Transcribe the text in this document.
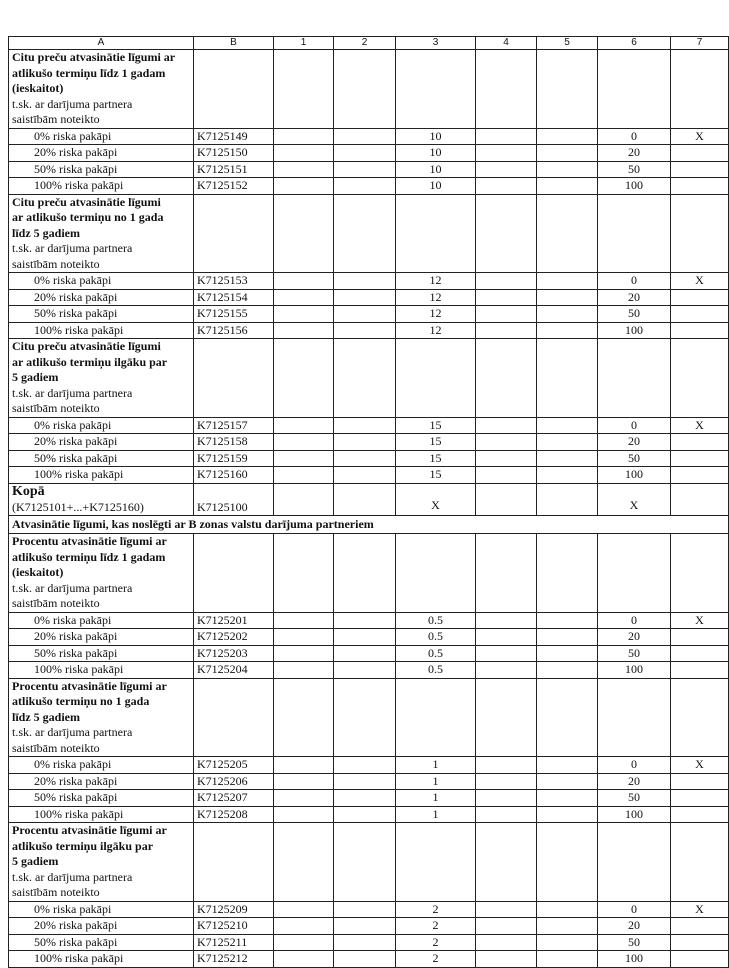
A	B	1	2	3	4	5	6	7

Citu preču atvasinātie līgumi ar
atlikušo termiņu līdz 1 gadam
(ieskaitot)
t.sk. ar darījuma partnera
saistībām noteikto								

0% riska pakāpi	K7125149			10			0	X
20% riska pakāpi	K7125150			10			20	
50% riska pakāpi	K7125151			10			50	
100% riska pakāpi	K7125152			10			100	

Citu preču atvasinātie līgumi
ar atlikušo termiņu no 1 gada
līdz 5 gadiem
t.sk. ar darījuma partnera
saistībām noteikto								

0% riska pakāpi	K7125153			12			0	X
20% riska pakāpi	K7125154			12			20	
50% riska pakāpi	K7125155			12			50	
100% riska pakāpi	K7125156			12			100	

Citu preču atvasinātie līgumi
ar atlikušo termiņu ilgāku par
5 gadiem
t.sk. ar darījuma partnera
saistībām noteikto								

0% riska pakāpi	K7125157			15			0	X
20% riska pakāpi	K7125158			15			20	
50% riska pakāpi	K7125159			15			50	
100% riska pakāpi	K7125160			15			100	

Kopā
(K7125101+...+K7125160)	K7125100			X			X	
Atvasinātie līgumi, kas noslēgti ar B zonas valstu darījuma partneriem								

Procentu atvasinātie līgumi ar
atlikušo termiņu līdz 1 gadam
(ieskaitot)
t.sk. ar darījuma partnera
saistībām noteikto								

0% riska pakāpi	K7125201			0.5			0	X
20% riska pakāpi	K7125202			0.5			20	
50% riska pakāpi	K7125203			0.5			50	
100% riska pakāpi	K7125204			0.5			100	

Procentu atvasinātie līgumi ar
atlikušo termiņu no 1 gada
līdz 5 gadiem
t.sk. ar darījuma partnera
saistībām noteikto								

0% riska pakāpi	K7125205			1			0	X
20% riska pakāpi	K7125206			1			20	
50% riska pakāpi	K7125207			1			50	
100% riska pakāpi	K7125208			1			100	

Procentu atvasinātie līgumi ar
atlikušo termiņu ilgāku par
5 gadiem
t.sk. ar darījuma partnera
saistībām noteikto								

0% riska pakāpi	K7125209			2			0	X
20% riska pakāpi	K7125210			2			20	
50% riska pakāpi	K7125211			2			50	
100% riska pakāpi	K7125212			2			100	
